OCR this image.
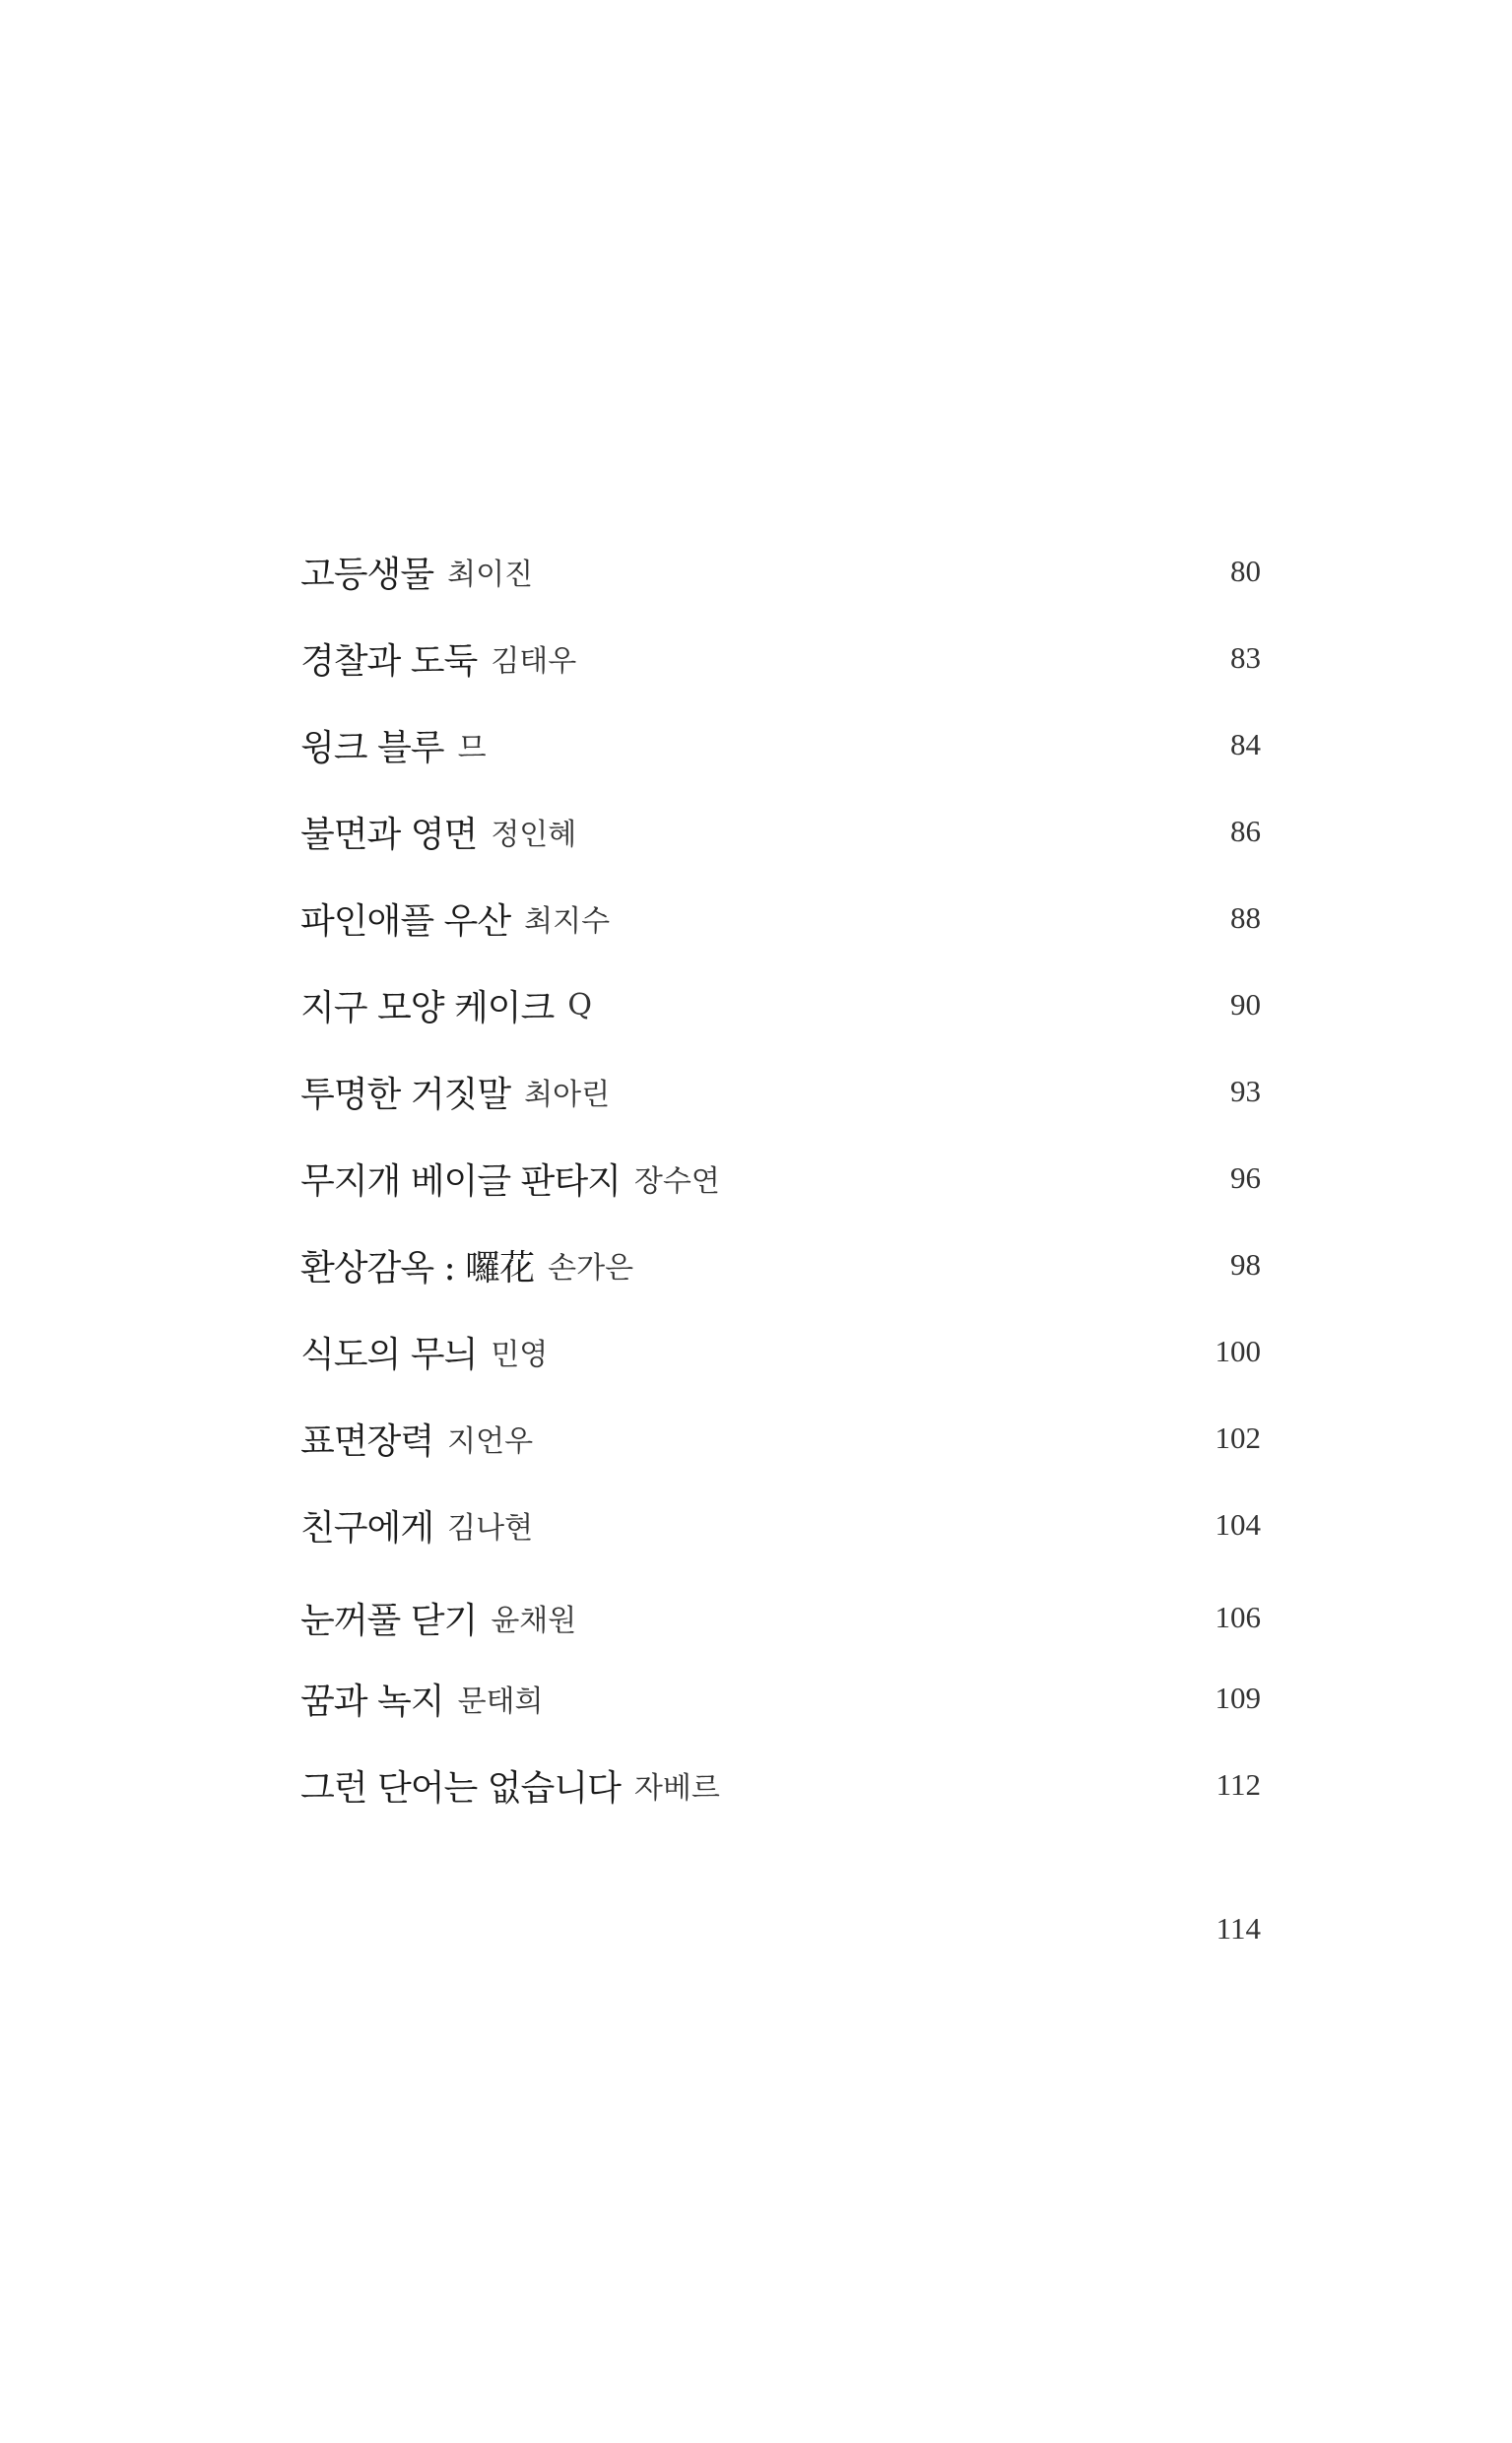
고등생물 최이진	80
경찰과 도둑 김태우	83
윙크 블루 므	84
불면과 영면 정인혜	86
파인애플 우산 최지수	88
지구 모양 케이크 Q	90
투명한 거짓말 최아린	93
무지개 베이글 판타지 장수연	96
환상감옥 : 囉花 손가은	98
식도의 무늬 민영	100
표면장력 지언우	102
친구에게 김나현	104
눈꺼풀 닫기 윤채원	106
꿈과 녹지 문태희	109
그런 단어는 없습니다 자베르	112
114
